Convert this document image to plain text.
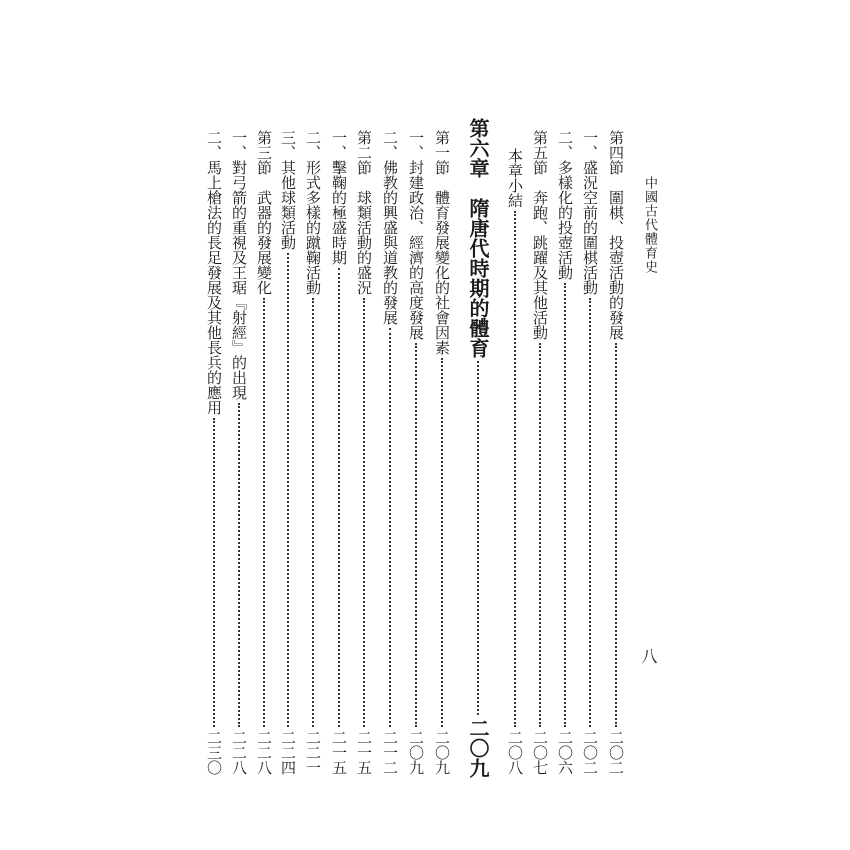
中國古代體育史
八
第四節　圍棋、投壺活動的發展
二〇二
一、盛況空前的圍棋活動
二〇二
二、多樣化的投壺活動
二〇六
第五節　奔跑、跳躍及其他活動
二〇七
本章小結
二〇八
第六章　隋唐代時期的體育
二〇九
第一節　體育發展變化的社會因素
二〇九
一、封建政治、經濟的高度發展
二〇九
二、佛教的興盛與道教的發展
二一二
第二節　球類活動的盛況
二一五
一、擊鞠的極盛時期
二一五
二、形式多樣的蹴鞠活動
二二一
三、其他球類活動
二二四
第三節　武器的發展變化
二二八
一、對弓箭的重視及王琚『射經』的出現
二二八
二、馬上槍法的長足發展及其他長兵的應用
二三〇
